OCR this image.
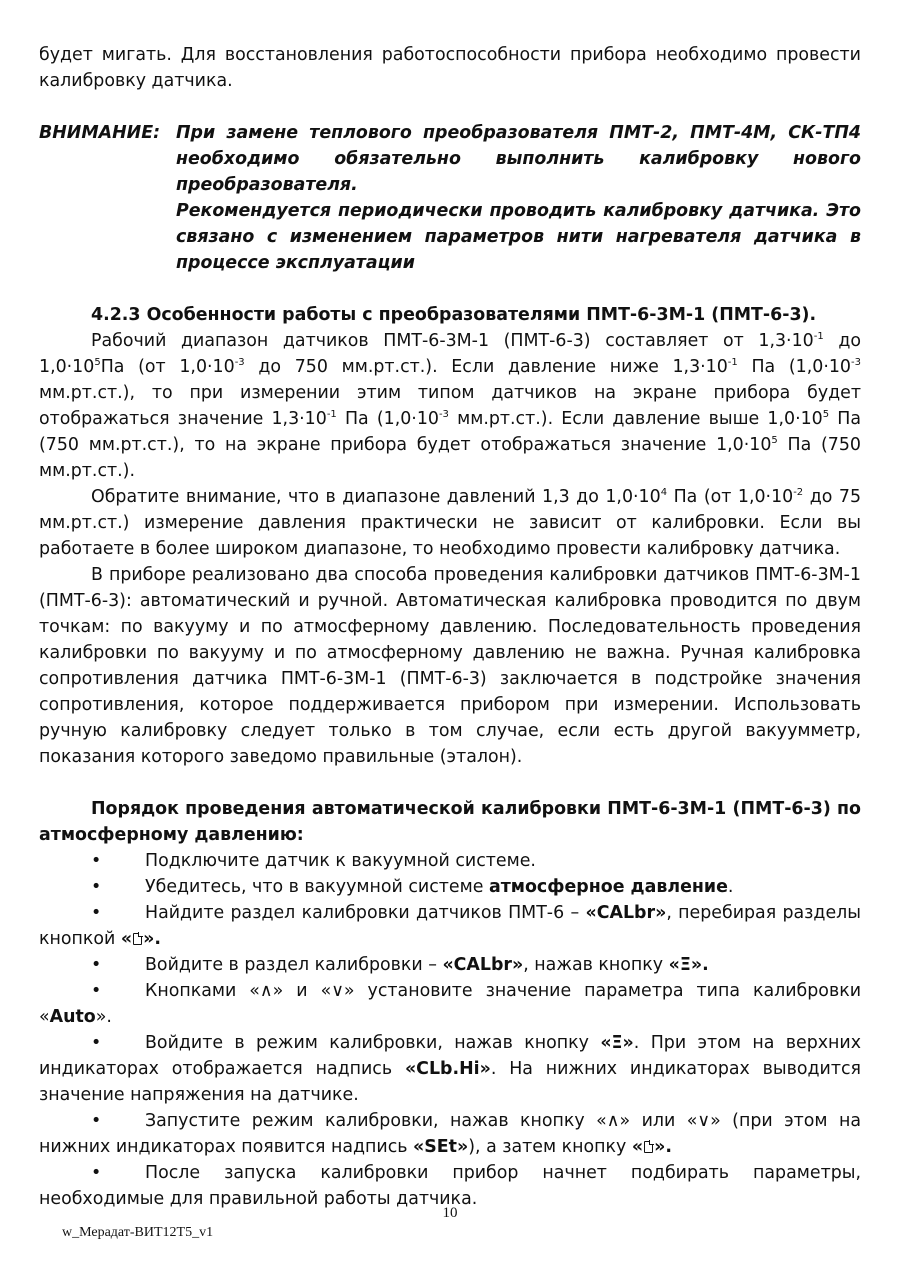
будет мигать. Для восстановления работоспособности прибора необходимо провести калибровку датчика.

ВНИМАНИЕ: При замене теплового преобразователя ПМТ-2, ПМТ-4М, СК-ТП4 необходимо обязательно выполнить калибровку нового преобразователя.

Рекомендуется периодически проводить калибровку датчика. Это связано с изменением параметров нити нагревателя датчика в процессе эксплуатации

4.2.3 Особенности работы с преобразователями ПМТ-6-3М-1 (ПМТ-6-3).

Рабочий диапазон датчиков ПМТ-6-3М-1 (ПМТ-6-3) составляет от $1,3\cdot 10^{-1}$ до $1,0\cdot 10^5Па$ (от $1,0\cdot 10^{-3}$ до 750 мм.рт.ст.). Если давление ниже $1,3\cdot 10^{-1}$ Па ($1,0\cdot 10^{-3}$ мм.рт.ст.), то при измерении этим типом датчиков на экране прибора будет отображаться значение $1,3\cdot 10^{-1}$ Па ($1,0\cdot 10^{-3}$ мм.рт.ст.). Если давление выше $1,0\cdot 10^5$ Па (750 мм.рт.ст.), то на экране прибора будет отображаться значение $1,0\cdot 10^5$ Па (750 мм.рт.ст.).

Обратите внимание, что в диапазоне давлений 1,3 до $1,0\cdot 10^4$ Па (от $1,0\cdot 10^{-2}$ до 75 мм.рт.ст.) измерение давления практически не зависит от калибровки. Если вы работаете в более широком диапазоне, то необходимо провести калибровку датчика.

В приборе реализовано два способа проведения калибровки датчиков ПМТ-6-3М-1 (ПМТ-6-3): автоматический и ручной. Автоматическая калибровка проводится по двум точкам: по вакууму и по атмосферному давлению. Последовательность проведения калибровки по вакууму и по атмосферному давлению не важна. Ручная калибровка сопротивления датчика ПМТ-6-3М-1 (ПМТ-6-3) заключается в подстройке значения сопротивления, которое поддерживается прибором при измерении. Использовать ручную калибровку следует только в том случае, если есть другой вакуумметр, показания которого заведомо правильные (эталон).

Порядок проведения автоматической калибровки ПМТ-6-3М-1 (ПМТ-6-3) по атмосферному давлению:

•	Подключите датчик к вакуумной системе.
•	Убедитесь, что в вакуумной системе атмосферное давление.
•	Найдите раздел калибровки датчиков ПМТ-6 – «CALbr», перебирая разделы кнопкой « ».
•	Войдите в раздел калибровки – «CALbr», нажав кнопку «Ξ».
•	Кнопками «∧» и «∨» установите значение параметра типа калибровки «Auto».
•	Войдите в режим калибровки, нажав кнопку «Ξ». При этом на верхних индикаторах отображается надпись «CLb.Hi». На нижних индикаторах выводится значение напряжения на датчике.
•	Запустите режим калибровки, нажав кнопку «∧» или «∨» (при этом на нижних индикаторах появится надпись «SEt»), а затем кнопку « ».
•	После запуска калибровки прибор начнет подбирать параметры, необходимые для правильной работы датчика.
10
w_Мерадат-ВИТ12Т5_v1
